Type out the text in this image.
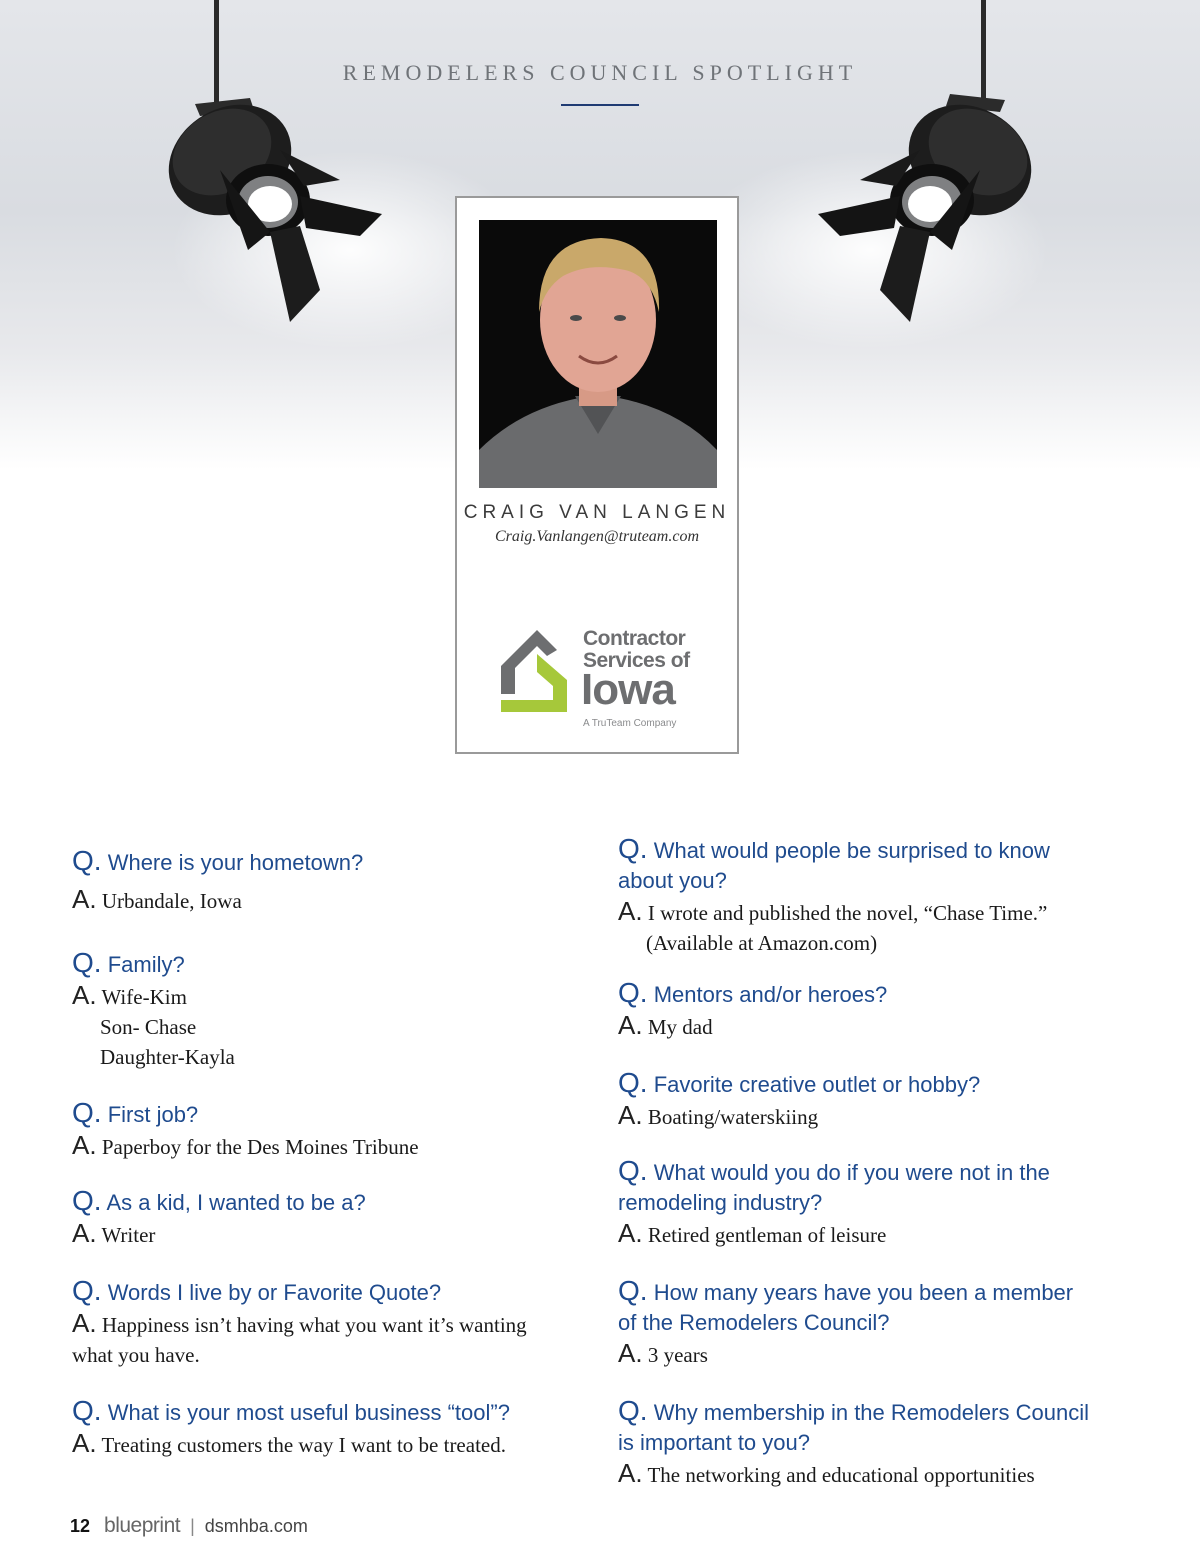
REMODELERS COUNCIL SPOTLIGHT
CRAIG VAN LANGEN
Craig.Vanlangen@truteam.com
Contractor
Services of
Iowa
A TruTeam Company
Q. Where is your hometown?
A. Urbandale, Iowa
Q. Family?
A. Wife-Kim
Son- Chase
Daughter-Kayla
Q. First job?
A. Paperboy for the Des Moines Tribune
Q. As a kid, I wanted to be a?
A. Writer
Q. Words I live by or Favorite Quote?
A. Happiness isn’t having what you want it’s wanting
what you have.
Q. What is your most useful business “tool”?
A. Treating customers the way I want to be treated.
Q. What would people be surprised to know
about you?
A. I wrote and published the novel, “Chase Time.”
(Available at Amazon.com)
Q. Mentors and/or heroes?
A. My dad
Q. Favorite creative outlet or hobby?
A. Boating/waterskiing
Q. What would you do if you were not in the
remodeling industry?
A. Retired gentleman of leisure
Q. How many years have you been a member
of the Remodelers Council?
A. 3 years
Q. Why membership in the Remodelers Council
is important to you?
A. The networking and educational opportunities
12 blueprint | dsmhba.com
